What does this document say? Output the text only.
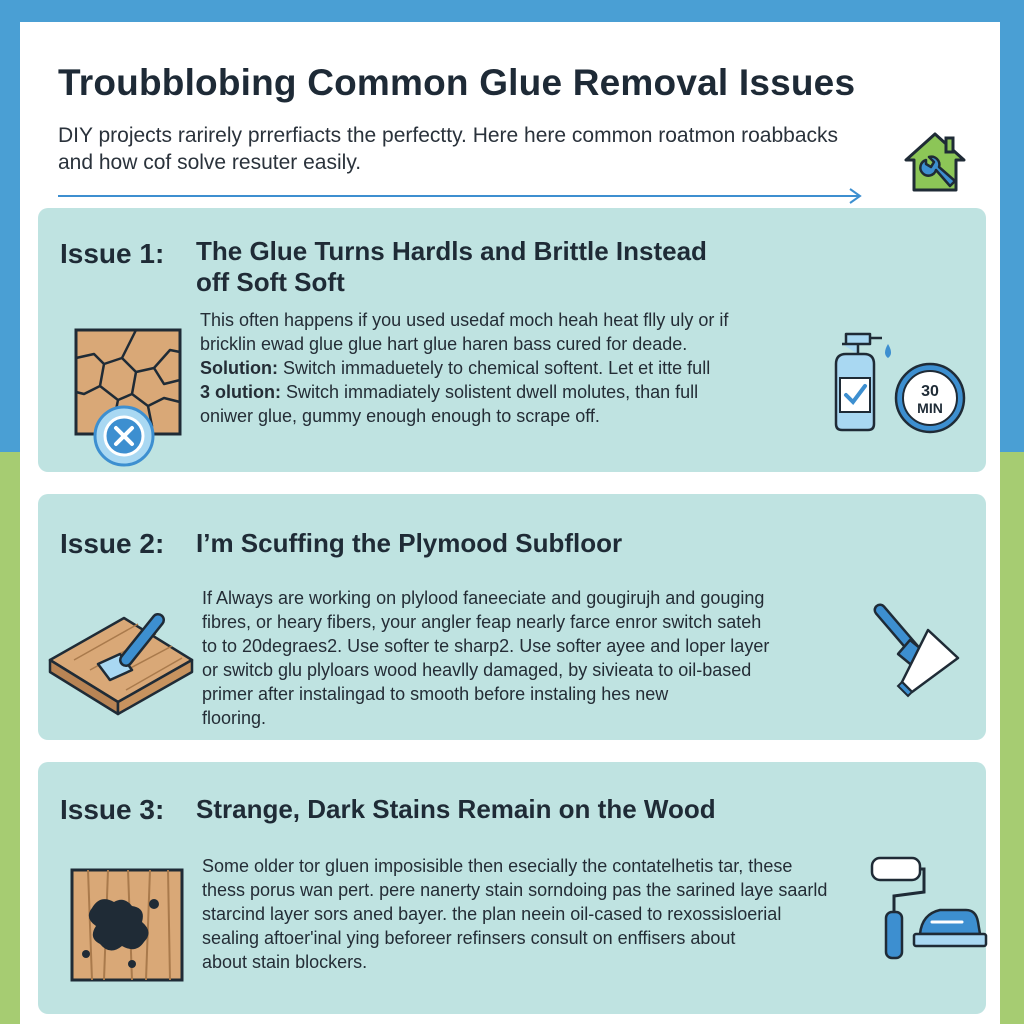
Troubblobing Common Glue Removal Issues

DIY projects rarirely prrerfiacts the perfectty. Here here common roatmon roabbacks and how cof solve resuter easily.

Issue 1: The Glue Turns Hardls and Brittle Instead off Soft Soft
This often happens if you used usedaf moch heah heat flly uly or if
bricklin ewad glue glue hart glue haren bass cured for deade.
Solution: Switch immaduetely to chemical softent. Let et itte full
3 olution: Switch immadiately solistent dwell molutes, than full
oniwer glue, gummy enough enough to scrape off.
30
MIN
Issue 2: I’m Scuffing the Plymood Subfloor
If Always are working on plylood faneeciate and gougirujh and gouging
fibres, or heary fibers, your angler feap nearly farce enror switch sateh
to to 20degraes2. Use softer te sharp2. Use softer ayee and loper layer
or switcb glu plyloars wood heavlly damaged, by sivieata to oil-based
primer after instalingad to smooth before instaling hes new
flooring.
Issue 3: Strange, Dark Stains Remain on the Wood
Some older tor gluen imposisible then esecially the contatelhetis tar, these
thess porus wan pert. pere nanerty stain sorndoing pas the sarined laye saarld
starcind layer sors aned bayer. the plan neein oil-cased to rexossisloerial
sealing aftoer'inal ying beforeer refinsers consult on enffisers about
about stain blockers.
